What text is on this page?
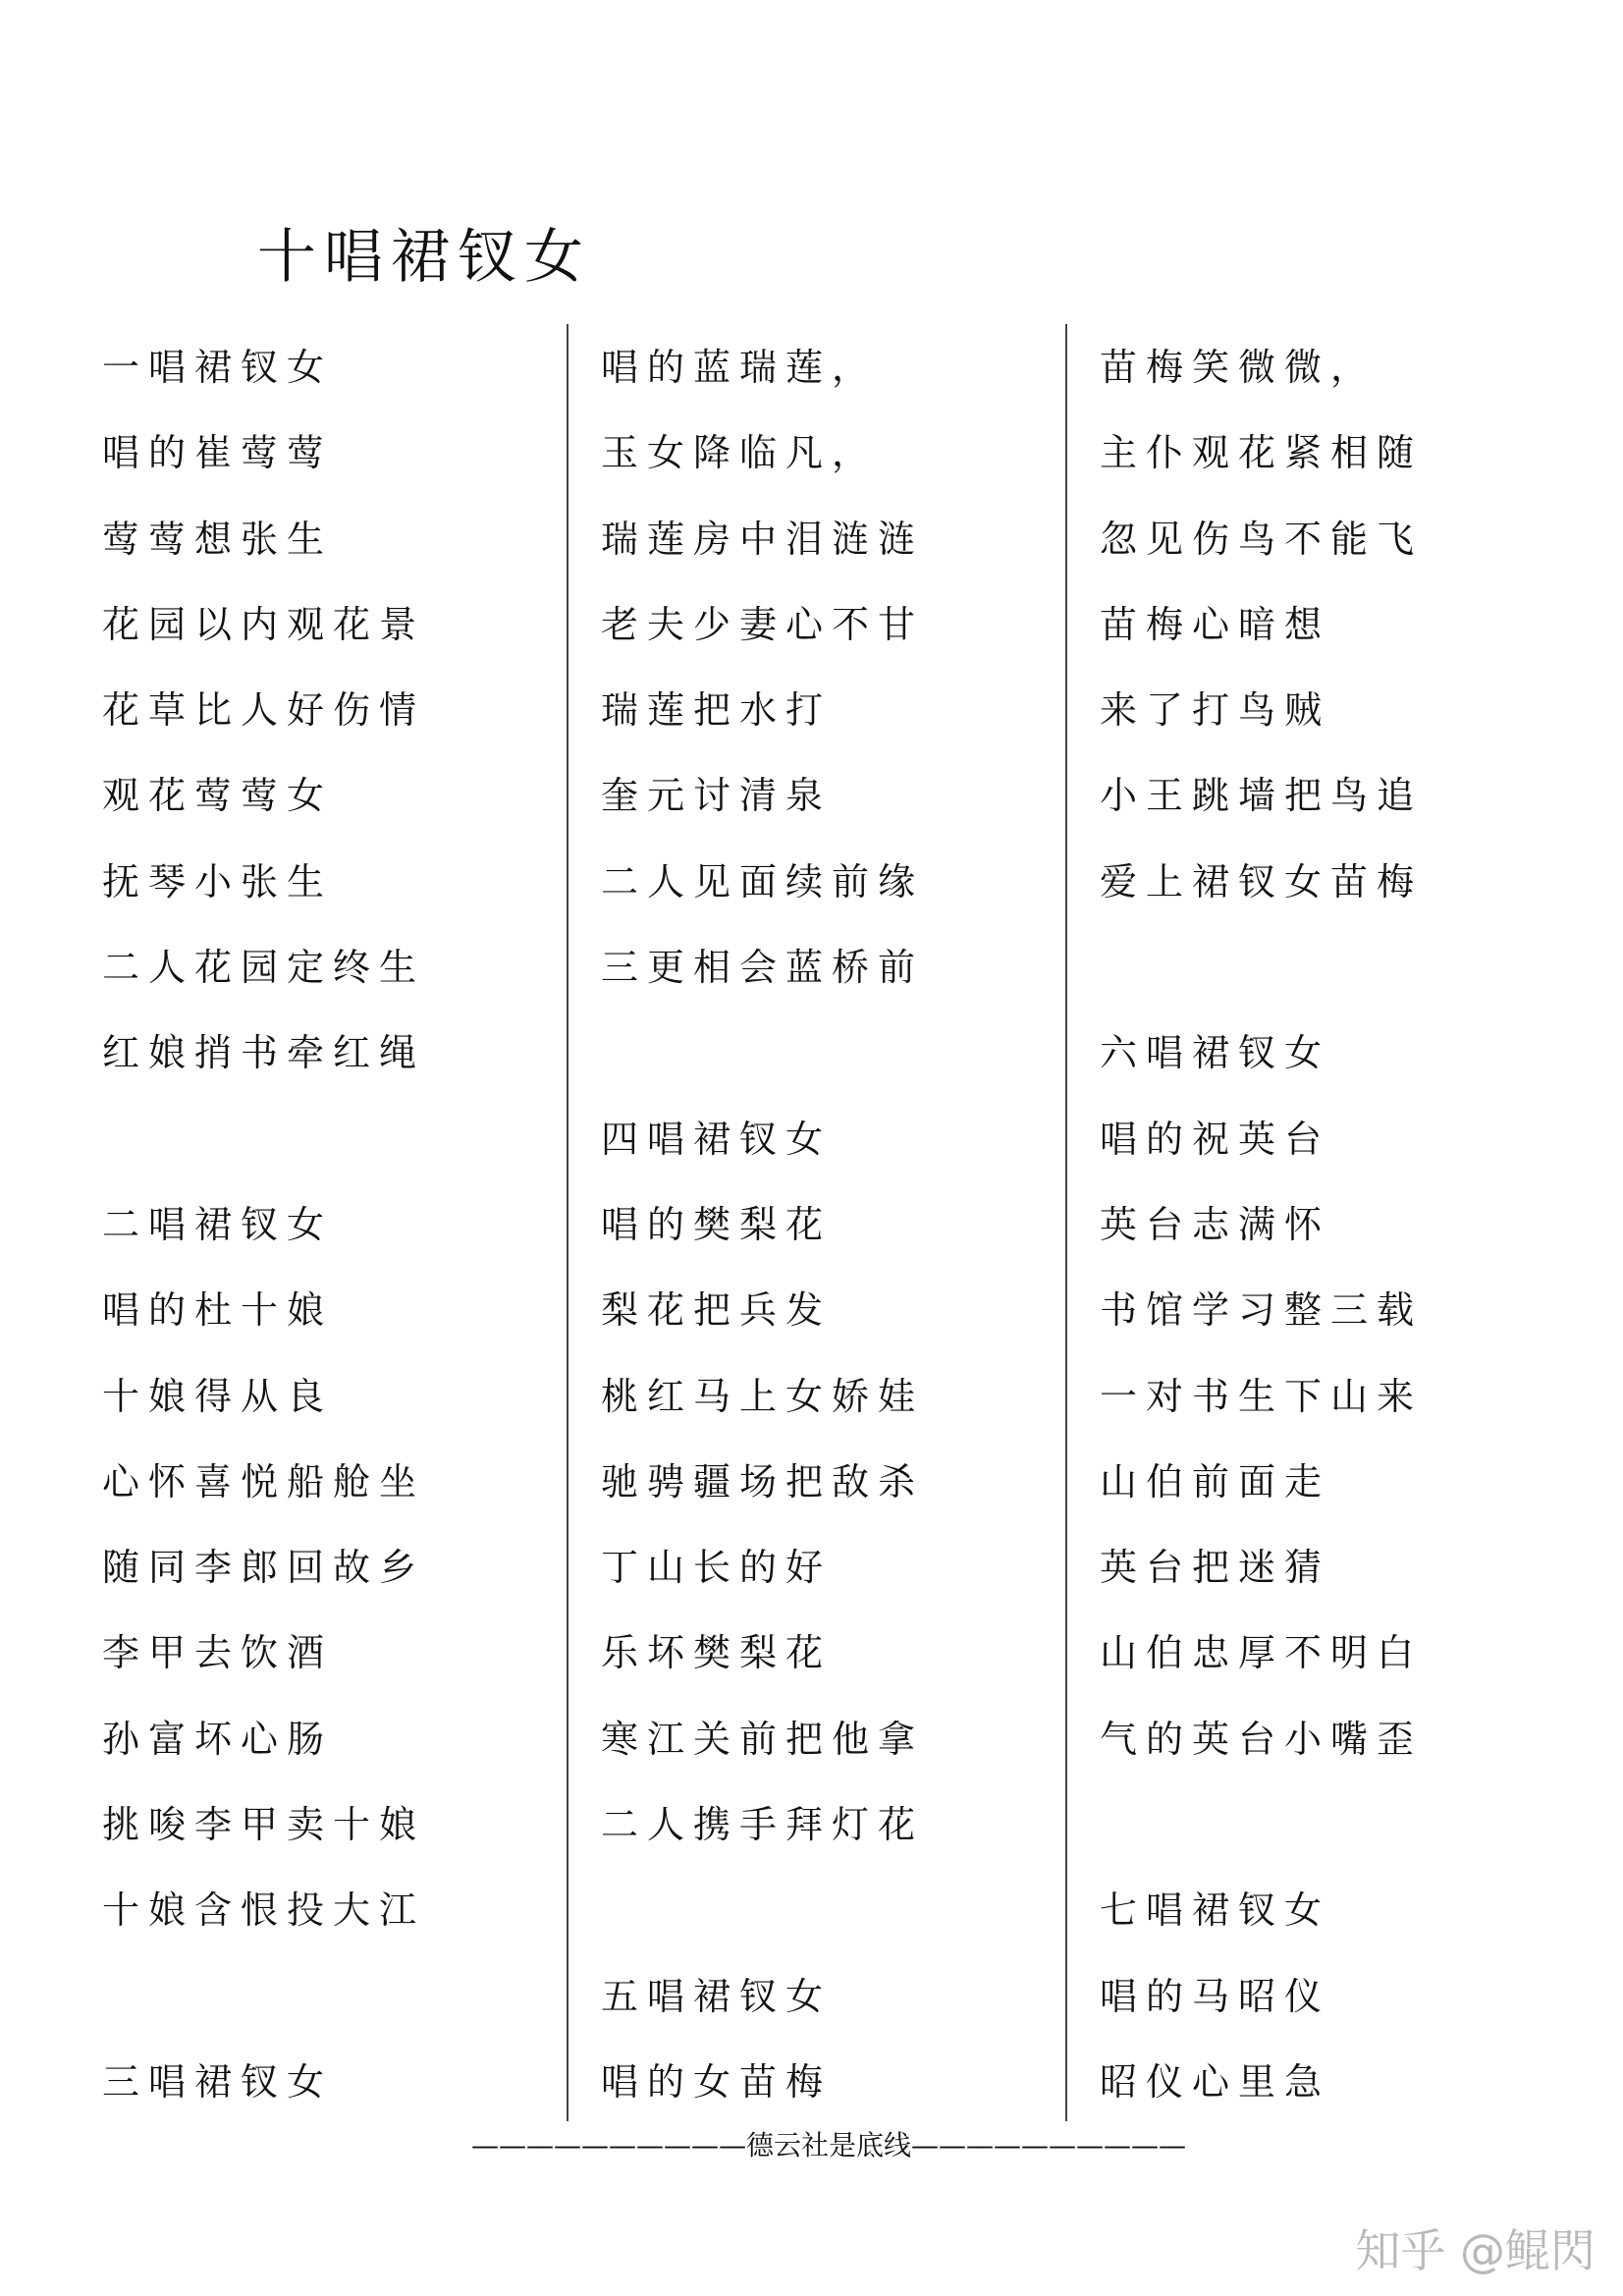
十唱裙钗女
一唱裙钗女
唱的崔莺莺
莺莺想张生
花园以内观花景
花草比人好伤情
观花莺莺女
抚琴小张生
二人花园定终生
红娘捎书牵红绳
二唱裙钗女
唱的杜十娘
十娘得从良
心怀喜悦船舱坐
随同李郎回故乡
李甲去饮酒
孙富坏心肠
挑唆李甲卖十娘
十娘含恨投大江
三唱裙钗女
唱的蓝瑞莲，
玉女降临凡，
瑞莲房中泪涟涟
老夫少妻心不甘
瑞莲把水打
奎元讨清泉
二人见面续前缘
三更相会蓝桥前
四唱裙钗女
唱的樊梨花
梨花把兵发
桃红马上女娇娃
驰骋疆场把敌杀
丁山长的好
乐坏樊梨花
寒江关前把他拿
二人携手拜灯花
五唱裙钗女
唱的女苗梅
苗梅笑微微，
主仆观花紧相随
忽见伤鸟不能飞
苗梅心暗想
来了打鸟贼
小王跳墙把鸟追
爱上裙钗女苗梅
六唱裙钗女
唱的祝英台
英台志满怀
书馆学习整三载
一对书生下山来
山伯前面走
英台把迷猜
山伯忠厚不明白
气的英台小嘴歪
七唱裙钗女
唱的马昭仪
昭仪心里急
——————————德云社是底线——————————
知乎 @鲲閃
